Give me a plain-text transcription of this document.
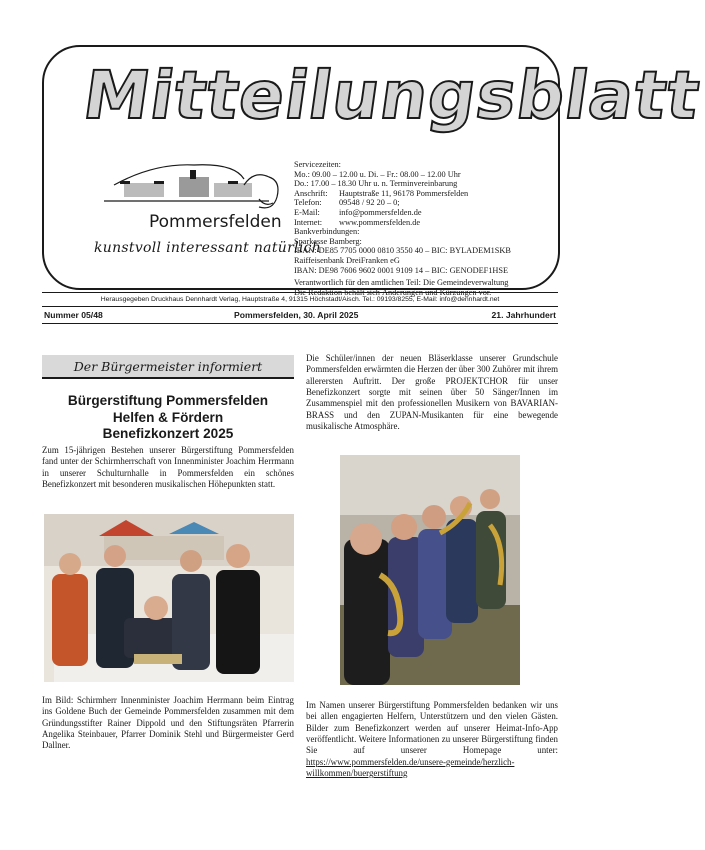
Mitteilungsblatt
Pommersfelden
kunstvoll interessant natürlich
Servicezeiten:
Mo.: 09.00 – 12.00 u. Di. – Fr.: 08.00 – 12.00 Uhr
Do.: 17.00 – 18.30 Uhr u. n. Terminvereinbarung
Anschrift:	Hauptstraße 11, 96178 Pommersfelden
Telefon:	09548 / 92 20 – 0;
E-Mail:	info@pommersfelden.de
Internet:	www.pommersfelden.de
Bankverbindungen:
Sparkasse Bamberg:
IBAN: DE85 7705 0000 0810 3550 40 – BIC: BYLADEM1SKB
Raiffeisenbank DreiFranken eG
IBAN: DE98 7606 9602 0001 9109 14 – BIC: GENODEF1HSE
Verantwortlich für den amtlichen Teil: Die Gemeindeverwaltung
Herausgegeben Druckhaus Dennhardt Verlag, Hauptstraße 4, 91315 Höchstadt/Aisch. Tel.: 09193/8255, E-Mail: info@dennhardt.net
Nummer 05/48	Pommersfelden, 30. April 2025	21. Jahrhundert
Der Bürgermeister informiert
Bürgerstiftung Pommersfelden
Helfen & Fördern
Benefizkonzert 2025
Zum 15-jährigen Bestehen unserer Bürgerstiftung Pommersfelden fand unter der Schirmherrschaft von Innenminister Joachim Herrmann in unserer Schulturnhalle in Pommersfelden ein schönes Benefizkonzert mit besonderen musikalischen Höhepunkten statt.
Im Bild: Schirmherr Innenminister Joachim Herrmann beim Eintrag ins Goldene Buch der Gemeinde Pommersfelden zusammen mit dem Gründungsstifter Rainer Dippold und den Stiftungsräten Pfarrerin Angelika Steinbauer, Pfarrer Dominik Stehl und Bürgermeister Gerd Dallner.
Die Schüler/innen der neuen Bläserklasse unserer Grundschule Pommersfelden erwärmten die Herzen der über 300 Zuhörer mit ihrem allerersten Auftritt. Der große PROJEKTCHOR für unser Benefizkonzert sorgte mit seinen über 50 Sänger/Innen im Zusammenspiel mit den professionellen Musikern von BAVARIAN-BRASS und den ZUPAN-Musikanten für eine bewegende musikalische Atmosphäre.
Im Namen unserer Bürgerstiftung Pommersfelden bedanken wir uns bei allen engagierten Helfern, Unterstützern und den vielen Gästen. Bilder zum Benefizkonzert werden auf unserer Heimat-Info-App veröffentlicht. Weitere Informationen zu unserer Bürgerstiftung finden Sie auf unserer Homepage unter: https://www.pommersfelden.de/unsere-gemeinde/herzlich-willkommen/buergerstiftung
